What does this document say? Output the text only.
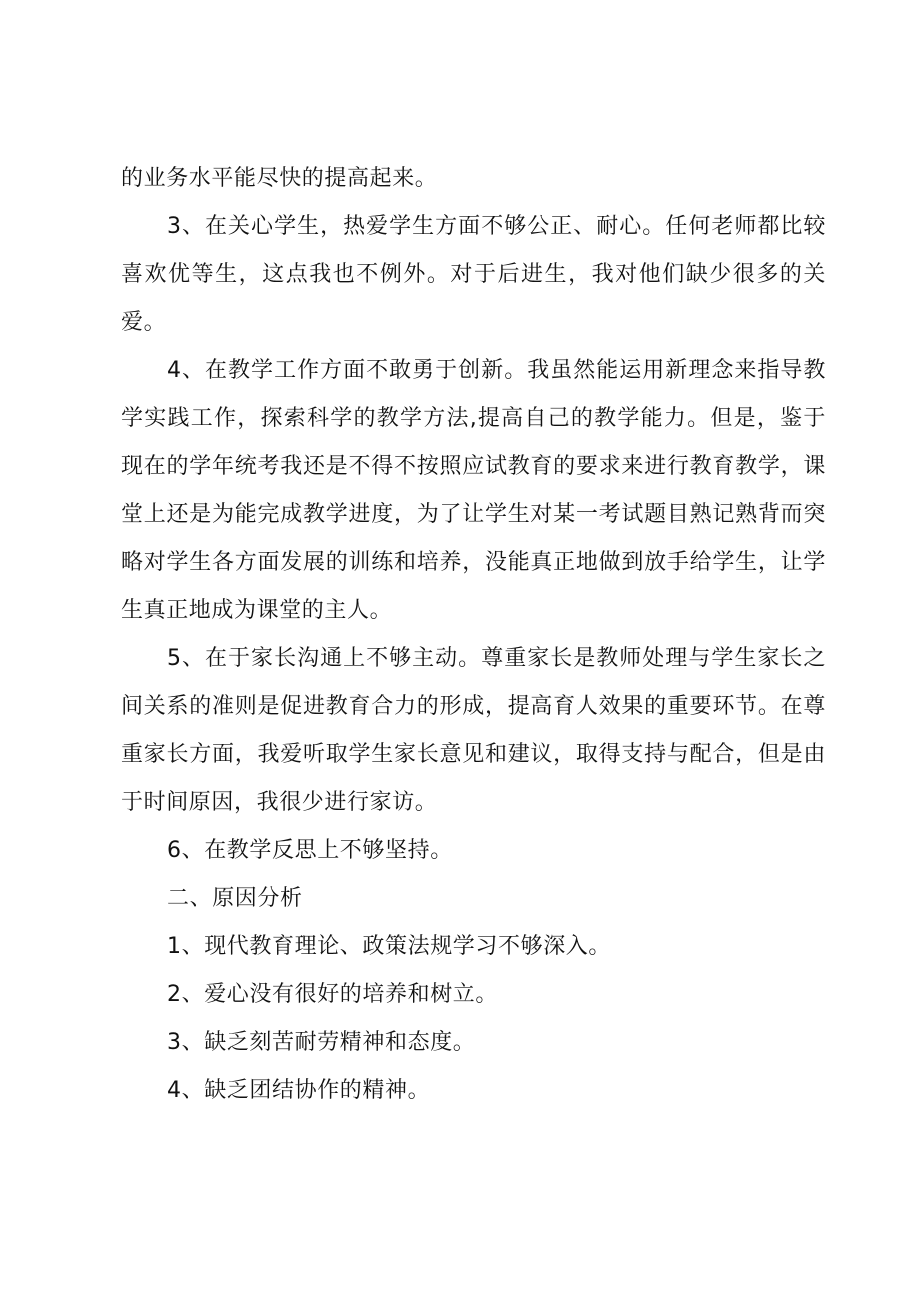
的业务水平能尽快的提高起来。

3、在关心学生，热爱学生方面不够公正、耐心。任何老师都比较喜欢优等生，这点我也不例外。对于后进生，我对他们缺少很多的关爱。

4、在教学工作方面不敢勇于创新。我虽然能运用新理念来指导教学实践工作，探索科学的教学方法,提高自己的教学能力。但是，鉴于现在的学年统考我还是不得不按照应试教育的要求来进行教育教学，课堂上还是为能完成教学进度，为了让学生对某一考试题目熟记熟背而突略对学生各方面发展的训练和培养，没能真正地做到放手给学生，让学生真正地成为课堂的主人。

5、在于家长沟通上不够主动。尊重家长是教师处理与学生家长之间关系的准则是促进教育合力的形成，提高育人效果的重要环节。在尊重家长方面，我爱听取学生家长意见和建议，取得支持与配合，但是由于时间原因，我很少进行家访。

6、在教学反思上不够坚持。

二、原因分析

1、现代教育理论、政策法规学习不够深入。

2、爱心没有很好的培养和树立。

3、缺乏刻苦耐劳精神和态度。

4、缺乏团结协作的精神。
